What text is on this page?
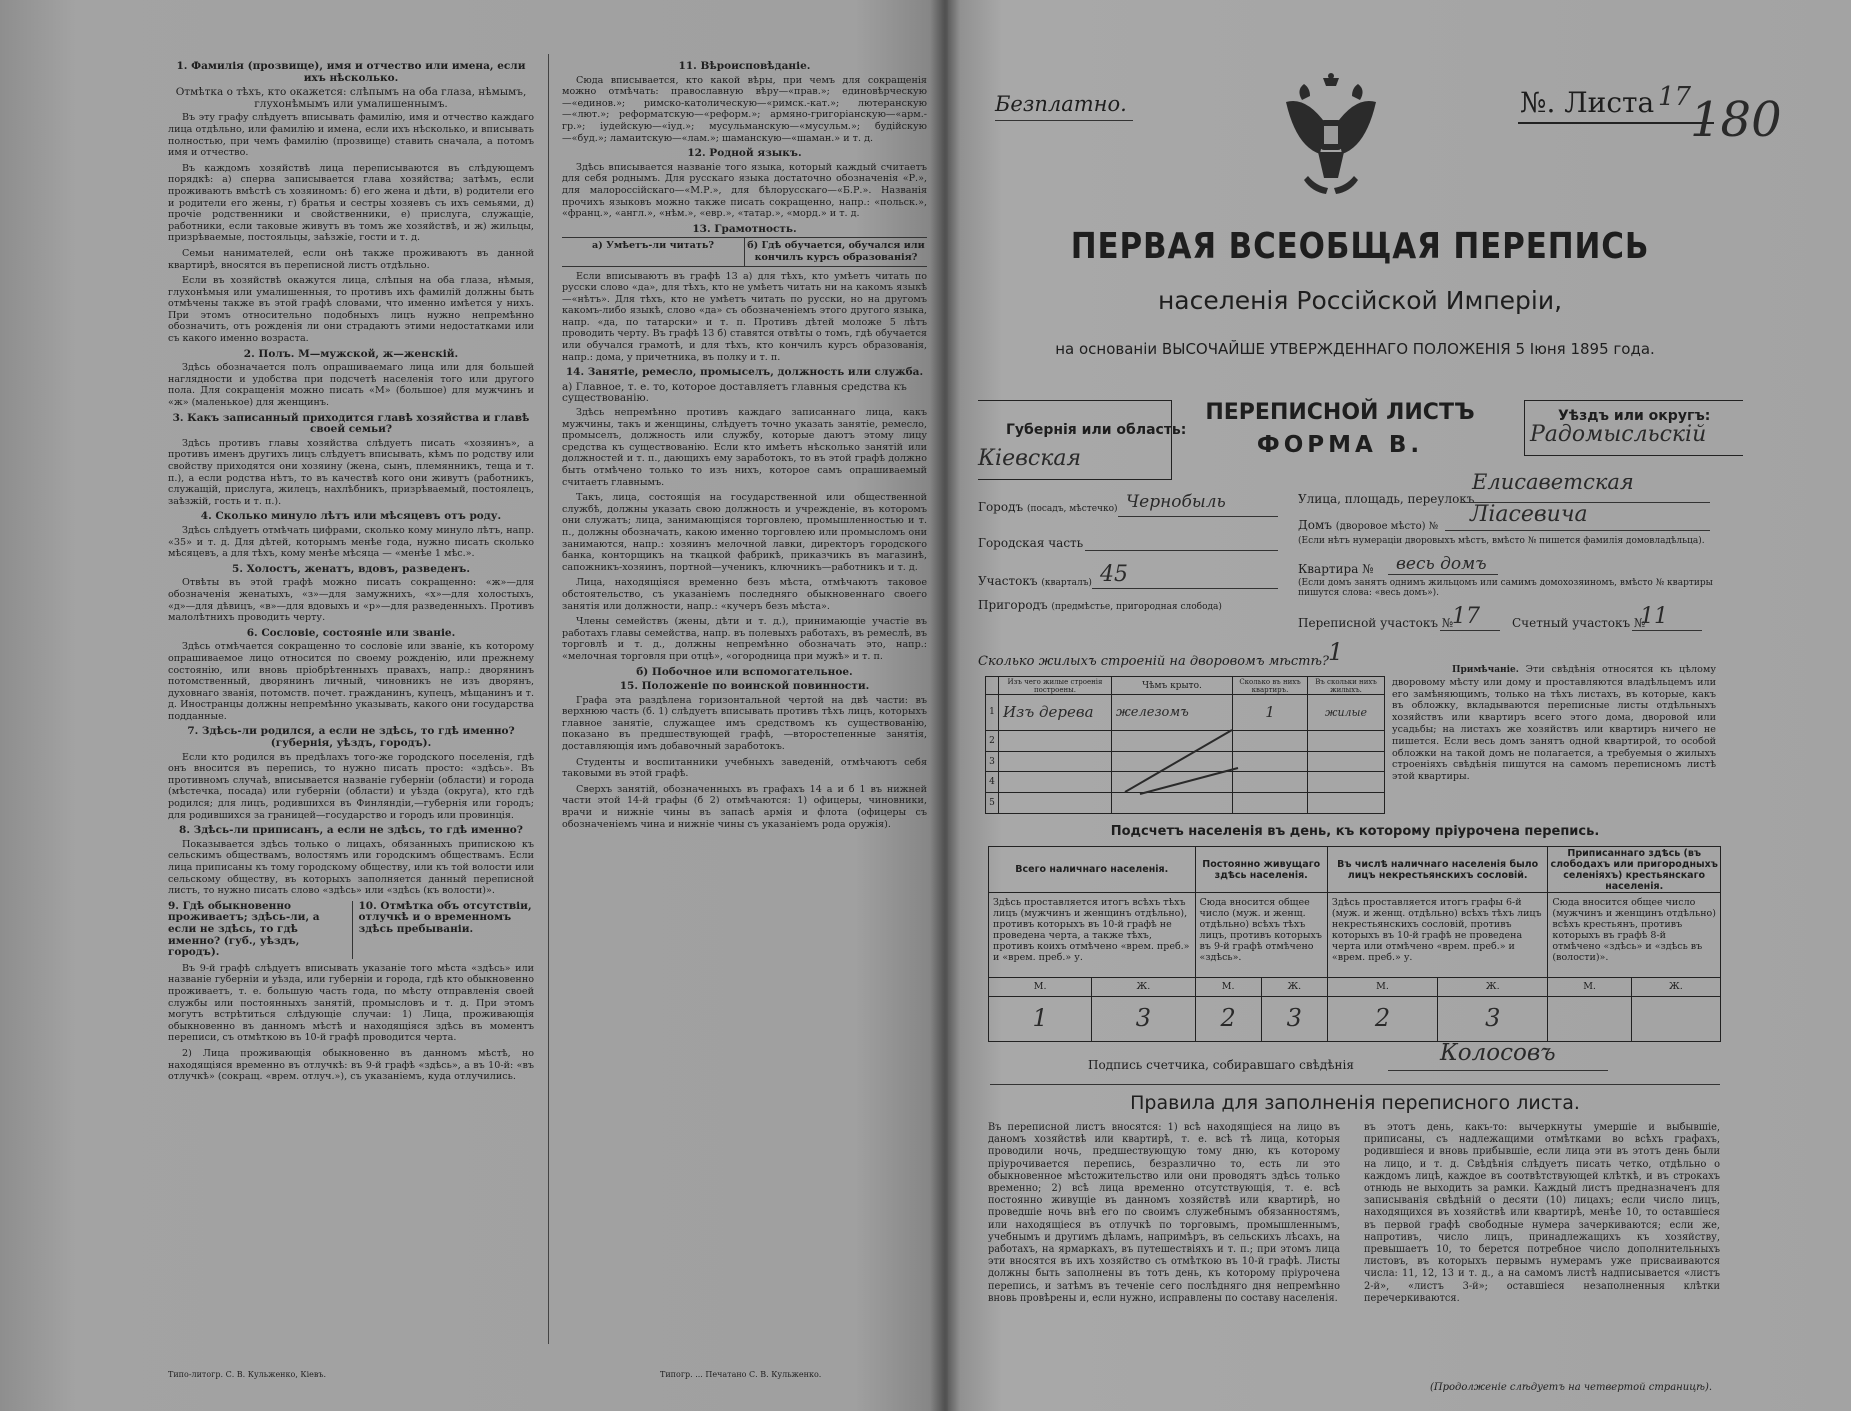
1. Фамилія (прозвище), имя и отчество или имена, если ихъ нѣсколько.
Отмѣтка о тѣхъ, кто окажется: слѣпымъ на оба глаза, нѣмымъ, глухонѣмымъ или умалишеннымъ.

Въ эту графу слѣдуетъ вписывать фамилію, имя и отчество каждаго лица отдѣльно, или фамилію и имена, если ихъ нѣсколько, и вписывать полностью, при чемъ фамилію (прозвище) ставить сначала, а потомъ имя и отчество.

Въ каждомъ хозяйствѣ лица переписываются въ слѣдующемъ порядкѣ: а) сперва записывается глава хозяйства; затѣмъ, если проживаютъ вмѣстѣ съ хозяиномъ: б) его жена и дѣти, в) родители его и родители его жены, г) братья и сестры хозяевъ съ ихъ семьями, д) прочіе родственники и свойственники, е) прислуга, служащіе, работники, если таковые живутъ въ томъ же хозяйствѣ, и ж) жильцы, призрѣваемые, постояльцы, заѣзжіе, гости и т. д.

Семьи нанимателей, если онѣ также проживаютъ въ данной квартирѣ, вносятся въ переписной листъ отдѣльно.

Если въ хозяйствѣ окажутся лица, слѣпыя на оба глаза, нѣмыя, глухонѣмыя или умалишенныя, то противъ ихъ фамилій должны быть отмѣчены также въ этой графѣ словами, что именно имѣется у нихъ. При этомъ относительно подобныхъ лицъ нужно непремѣнно обозначить, отъ рожденія ли они страдаютъ этими недостатками или съ какого именно возраста.

2. Полъ. М—мужской, ж—женскій.

Здѣсь обозначается полъ опрашиваемаго лица или для большей наглядности и удобства при подсчетѣ населенія того или другого пола. Для сокращенія можно писать «М» (большое) для мужчинъ и «ж» (маленькое) для женщинъ.

3. Какъ записанный приходится главѣ хозяйства и главѣ своей семьи?

Здѣсь противъ главы хозяйства слѣдуетъ писать «хозяинъ», а противъ именъ другихъ лицъ слѣдуетъ вписывать, кѣмъ по родству или свойству приходятся они хозяину (жена, сынъ, племянникъ, теща и т. п.), а если родства нѣтъ, то въ качествѣ кого они живутъ (работникъ, служащій, прислуга, жилецъ, нахлѣбникъ, призрѣваемый, постоялецъ, заѣзжій, гость и т. п.).

4. Сколько минуло лѣтъ или мѣсяцевъ отъ роду.

Здѣсь слѣдуетъ отмѣчать цифрами, сколько кому минуло лѣтъ, напр. «35» и т. д. Для дѣтей, которымъ менѣе года, нужно писать сколько мѣсяцевъ, а для тѣхъ, кому менѣе мѣсяца — «менѣе 1 мѣс.».

5. Холостъ, женатъ, вдовъ, разведенъ.

Отвѣты въ этой графѣ можно писать сокращенно: «ж»—для обозначенія женатыхъ, «з»—для замужнихъ, «х»—для холостыхъ, «д»—для дѣвицъ, «в»—для вдовыхъ и «р»—для разведенныхъ. Противъ малолѣтнихъ проводить черту.

6. Сословіе, состояніе или званіе.

Здѣсь отмѣчается сокращенно то сословіе или званіе, къ которому опрашиваемое лицо относится по своему рожденію, или прежнему состоянію, или вновь пріобрѣтенныхъ правахъ, напр.: дворянинъ потомственный, дворянинъ личный, чиновникъ не изъ дворянъ, духовнаго званія, потомств. почет. гражданинъ, купецъ, мѣщанинъ и т. д. Иностранцы должны непремѣнно указывать, какого они государства подданные.

7. Здѣсь-ли родился, а если не здѣсь, то гдѣ именно? (губернія, уѣздъ, городъ).

Если кто родился въ предѣлахъ того-же городского поселенія, гдѣ онъ вносится въ перепись, то нужно писать просто: «здѣсь». Въ противномъ случаѣ, вписывается названіе губерніи (области) и города (мѣстечка, посада) или губерніи (области) и уѣзда (округа), кто гдѣ родился; для лицъ, родившихся въ Финляндіи,—губернія или городъ; для родившихся за границей—государство и городъ или провинція.

8. Здѣсь-ли приписанъ, а если не здѣсь, то гдѣ именно?

Показывается здѣсь только о лицахъ, обязанныхъ припискою къ сельскимъ обществамъ, волостямъ или городскимъ обществамъ. Если лица приписаны къ тому городскому обществу, или къ той волости или сельскому обществу, въ которыхъ заполняется данный переписной листъ, то нужно писать слово «здѣсь» или «здѣсь (къ волости)».

9. Гдѣ обыкновенно проживаетъ; здѣсь-ли, а если не здѣсь, то гдѣ именно? (губ., уѣздъ, городъ).
10. Отмѣтка объ отсутствіи, отлучкѣ и о временномъ здѣсь пребываніи.

Въ 9-й графѣ слѣдуетъ вписывать указаніе того мѣста «здѣсь» или названіе губерніи и уѣзда, или губерніи и города, гдѣ кто обыкновенно проживаетъ, т. е. большую часть года, по мѣсту отправленія своей службы или постоянныхъ занятій, промысловъ и т. д. При этомъ могутъ встрѣтиться слѣдующіе случаи: 1) Лица, проживающія обыкновенно въ данномъ мѣстѣ и находящіяся здѣсь въ моментъ переписи, съ отмѣткою въ 10-й графѣ проводится черта.

2) Лица проживающія обыкновенно въ данномъ мѣстѣ, но находящіяся временно въ отлучкѣ: въ 9-й графѣ «здѣсь», а въ 10-й: «въ отлучкѣ» (сокращ. «врем. отлуч.»), съ указаніемъ, куда отлучились.

Типо-литогр. С. В. Кульженко, Кіевъ.
11. Вѣроисповѣданіе.

Сюда вписывается, кто какой вѣры, при чемъ для сокращенія можно отмѣчать: православную вѣру—«прав.»; единовѣрческую—«единов.»; римско-католическую—«римск.-кат.»; лютеранскую—«лют.»; реформатскую—«реформ.»; армяно-григоріанскую—«арм.-гр.»; іудейскую—«іуд.»; мусульманскую—«мусульм.»; будійскую—«буд.»; ламаитскую—«лам.»; шаманскую—«шаман.» и т. д.

12. Родной языкъ.

Здѣсь вписывается названіе того языка, который каждый считаетъ для себя роднымъ. Для русскаго языка достаточно обозначенія «Р.», для малороссійскаго—«М.Р.», для бѣлорусскаго—«Б.Р.». Названія прочихъ языковъ можно также писать сокращенно, напр.: «польск.», «франц.», «англ.», «нѣм.», «евр.», «татар.», «морд.» и т. д.

13. Грамотность.
а) Умѣетъ-ли читать?	б) Гдѣ обучается, обучался или кончилъ курсъ образованія?

Если вписываютъ въ графѣ 13 а) для тѣхъ, кто умѣетъ читать по русски слово «да», для тѣхъ, кто не умѣетъ читать ни на какомъ языкѣ—«нѣтъ». Для тѣхъ, кто не умѣетъ читать по русски, но на другомъ какомъ-либо языкѣ, слово «да» съ обозначеніемъ этого другого языка, напр. «да, по татарски» и т. п. Противъ дѣтей моложе 5 лѣтъ проводить черту. Въ графѣ 13 б) ставятся отвѣты о томъ, гдѣ обучается или обучался грамотѣ, и для тѣхъ, кто кончилъ курсъ образованія, напр.: дома, у причетника, въ полку и т. п.

14. Занятіе, ремесло, промыселъ, должность или служба.
а) Главное, т. е. то, которое доставляетъ главныя средства къ существованію.

Здѣсь непремѣнно противъ каждаго записаннаго лица, какъ мужчины, такъ и женщины, слѣдуетъ точно указать занятіе, ремесло, промыселъ, должность или службу, которые даютъ этому лицу средства къ существованію. Если кто имѣетъ нѣсколько занятій или должностей и т. п., дающихъ ему заработокъ, то въ этой графѣ должно быть отмѣчено только то изъ нихъ, которое самъ опрашиваемый считаетъ главнымъ.

Такъ, лица, состоящія на государственной или общественной службѣ, должны указать свою должность и учрежденіе, въ которомъ они служатъ; лица, занимающіяся торговлею, промышленностью и т. п., должны обозначать, какою именно торговлею или промысломъ они занимаются, напр.: хозяинъ мелочной лавки, директоръ городского банка, конторщикъ на ткацкой фабрикѣ, приказчикъ въ магазинѣ, сапожникъ-хозяинъ, портной—ученикъ, ключникъ—работникъ и т. д.

Лица, находящіяся временно безъ мѣста, отмѣчаютъ таковое обстоятельство, съ указаніемъ последняго обыкновеннаго своего занятія или должности, напр.: «кучеръ безъ мѣста».

Члены семействъ (жены, дѣти и т. д.), принимающіе участіе въ работахъ главы семейства, напр. въ полевыхъ работахъ, въ ремеслѣ, въ торговлѣ и т. д., должны непремѣнно обозначать это, напр.: «мелочная торговля при отцѣ», «огородница при мужѣ» и т. п.

б) Побочное или вспомогательное.
15. Положеніе по воинской повинности.

Графа эта раздѣлена горизонтальной чертой на двѣ части: въ верхнюю часть (б. 1) слѣдуетъ вписывать противъ тѣхъ лицъ, которыхъ главное занятіе, служащее имъ средствомъ къ существованію, показано въ предшествующей графѣ, —второстепенные занятія, доставляющія имъ добавочный заработокъ.

Студенты и воспитанники учебныхъ заведеній, отмѣчаютъ себя таковыми въ этой графѣ.

Сверхъ занятій, обозначенныхъ въ графахъ 14 а и б 1 въ нижней части этой 14-й графы (б 2) отмѣчаются: 1) офицеры, чиновники, врачи и нижніе чины въ запасѣ армія и флота (офицеры съ обозначеніемъ чина и нижніе чины съ указаніемъ рода оружія).

Типогр. ... Печатано С. В. Кульженко.
Безплатно.	№. Листа 17
180
ПЕРВАЯ ВСЕОБЩАЯ ПЕРЕПИСЬ
населенія Россійской Имперіи,
на основаніи ВЫСОЧАЙШЕ УТВЕРЖДЕННАГО ПОЛОЖЕНІЯ 5 Іюня 1895 года.
Губернія или область:
Кіевская
ПЕРЕПИСНОЙ ЛИСТЪ
ФОРМА В.
Уѣздъ или округъ:
Радомысльскій
Городъ (посадъ, мѣстечко) Чернобыль
Городская часть
Участокъ (кварталъ) 45
Пригородъ (предмѣстье, пригородная слобода)
Улица, площадь, переулокъ
Елисаветская
Домъ (дворовое мѣсто) № Ліасевича
(Если нѣтъ нумераціи дворовыхъ мѣстъ, вмѣсто № пишется фамилія домовладѣльца).
Квартира № весь домъ
(Если домъ занятъ однимъ жильцомъ или самимъ домохозяиномъ, вмѣсто № квартиры пишутся слова: «весь домъ»).
Переписной участокъ №
17	Счетный участокъ №
11
Сколько жилыхъ строеній на дворовомъ мѣстѣ? 1
	Изъ чего жилые строенія построены.	Чѣмъ крыто.	Сколько въ нихъ квартиръ.	Въ скольки нихъ жилыхъ.
1	Изъ дерева	железомъ	1	жилые
2				
3				
4				
5				
Примѣчаніе. Эти свѣдѣнія относятся къ цѣлому дворовому мѣсту или дому и проставляются владѣльцемъ или его замѣняющимъ, только на тѣхъ листахъ, въ которые, какъ въ обложку, вкладываются переписные листы отдѣльныхъ хозяйствъ или квартиръ всего этого дома, дворовой или усадьбы; на листахъ же хозяйствъ или квартиръ ничего не пишется. Если весь домъ занятъ одной квартирой, то особой обложки на такой домъ не полагается, а требуемыя о жилыхъ строеніяхъ свѣдѣнія пишутся на самомъ переписномъ листѣ этой квартиры.
Подсчетъ населенія въ день, къ которому пріурочена перепись.
Всего наличнаго населенія.		Постоянно живущаго здѣсь населенія.		Въ числѣ наличнаго населенія было лицъ некрестьянскихъ сословій.		Приписаннаго здѣсь (въ слободахъ или пригородныхъ селеніяхъ) крестьянскаго населенія.	
Здѣсь проставляется итогъ всѣхъ тѣхъ лицъ (мужчинъ и женщинъ отдѣльно), противъ которыхъ въ 10-й графѣ не проведена черта, а также тѣхъ, противъ коихъ отмѣчено «врем. преб.» и «врем. преб.» у.		Сюда вносится общее число (муж. и женщ. отдѣльно) всѣхъ тѣхъ лицъ, противъ которыхъ въ 9-й графѣ отмѣчено «здѣсь».		Здѣсь проставляется итогъ графы 6-й (муж. и женщ. отдѣльно) всѣхъ тѣхъ лицъ некрестьянскихъ сословій, противъ которыхъ въ 10-й графѣ не проведена черта или отмѣчено «врем. преб.» и «врем. преб.» у.		Сюда вносится общее число (мужчинъ и женщинъ отдѣльно) всѣхъ крестьянъ, противъ которыхъ въ графѣ 8-й отмѣчено «здѣсь» и «здѣсь въ (волости)».	
М.	Ж.	М.	Ж.	М.	Ж.	М.	Ж.
1	3	2	3	2	3		
Подпись счетчика, собиравшаго свѣдѣнія	Колосовъ
Правила для заполненія переписного листа.
Въ переписной листъ вносятся: 1) всѣ находящіеся на лицо въ даномъ хозяйствѣ или квартирѣ, т. е. всѣ тѣ лица, которыя проводили ночь, предшествующую тому дню, къ которому пріурочивается перепись, безразлично то, есть ли это обыкновенное мѣстожительство или они проводятъ здѣсь только временно; 2) всѣ лица временно отсутствующія, т. е. всѣ постоянно живущіе въ данномъ хозяйствѣ или квартирѣ, но проведшіе ночь внѣ его по своимъ служебнымъ обязанностямъ, или находящіеся въ отлучкѣ по торговымъ, промышленнымъ, учебнымъ и другимъ дѣламъ, напримѣръ, въ сельскихъ лѣсахъ, на работахъ, на ярмаркахъ, въ путешествіяхъ и т. п.; при этомъ лица эти вносятся въ ихъ хозяйство съ отмѣткою въ 10-й графѣ. Листы должны быть заполнены въ тотъ день, къ которому пріурочена перепись, и затѣмъ въ теченіе сего послѣдняго дня непремѣнно вновь провѣрены и, если нужно, исправлены по составу населенія.
въ этотъ день, какъ-то: вычеркнуты умершіе и выбывшіе, приписаны, съ надлежащими отмѣтками во всѣхъ графахъ, родившіеся и вновь прибывшіе, если лица эти въ этотъ день были на лицо, и т. д. Свѣдѣнія слѣдуетъ писать четко, отдѣльно о каждомъ лицѣ, каждое въ соотвѣтствующей клѣткѣ, и въ строкахъ отнюдь не выходить за рамки. Каждый листъ предназначенъ для записыванія свѣдѣній о десяти (10) лицахъ; если число лицъ, находящихся въ хозяйствѣ или квартирѣ, менѣе 10, то оставшіеся въ первой графѣ свободные нумера зачеркиваются; если же, напротивъ, число лицъ, принадлежащихъ къ хозяйству, превышаетъ 10, то берется потребное число дополнительныхъ листовъ, въ которыхъ первымъ нумерамъ уже присваиваются числа: 11, 12, 13 и т. д., а на самомъ листѣ надписывается «листъ 2-й», «листъ 3-й»; оставшіеся незаполненныя клѣтки перечеркиваются.
(Продолженіе слѣдуетъ на четвертой страницѣ).
